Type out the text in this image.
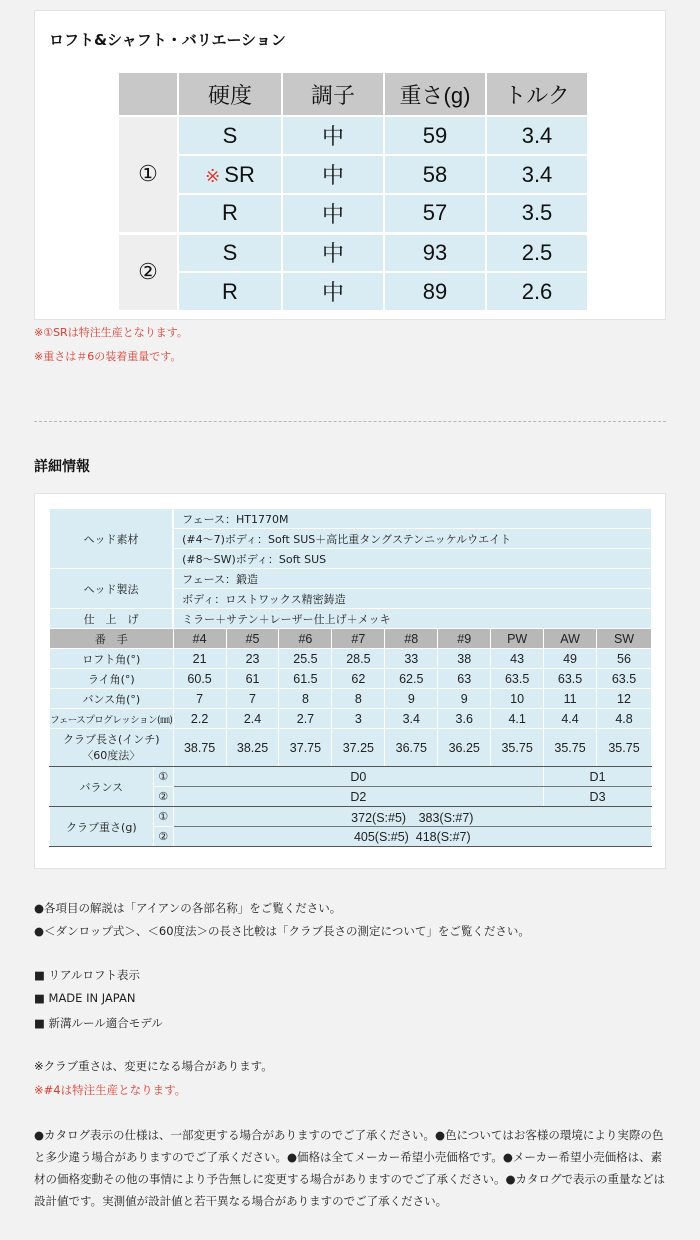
ロフト&シャフト・バリエーション
	硬度	調子	重さ(g)	トルク
①	S	中	59	3.4
	※ SR	中	58	3.4
	R	中	57	3.5
②	S	中	93	2.5
	R	中	89	2.6
※①SRは特注生産となります。
※重さは＃6の装着重量です。
詳細情報
ヘッド素材		フェース：HT1770M								
		(#4〜7)ボディ：Soft SUS＋高比重タングステンニッケルウエイト								
		(#8〜SW)ボディ：Soft SUS								
ヘッド製法		フェース：鍛造								
		ボディ：ロストワックス精密鋳造								
仕　上　げ		ミラー＋サテン＋レーザー仕上げ＋メッキ								
番　手		#4	#5	#6	#7	#8	#9	PW	AW	SW
ロフト角(°)		21	23	25.5	28.5	33	38	43	49	56
ライ角(°)		60.5	61	61.5	62	62.5	63	63.5	63.5	63.5
バンス角(°)		7	7	8	8	9	9	10	11	12
フェースプログレッション(㎜)		2.2	2.4	2.7	3	3.4	3.6	4.1	4.4	4.8

クラブ長さ(インチ)
〈60度法〉		38.75	38.25	37.75	37.25	36.75	36.25	35.75	35.75	35.75
バランス	①	D0							D1	
	②	D2							D3	
クラブ重さ(g)	①	372(S:#5)　383(S:#7)								
	②	405(S:#5)  418(S:#7)								
●各項目の解説は「アイアンの各部名称」をご覧ください。
●＜ダンロップ式＞、＜60度法＞の長さ比較は「クラブ長さの測定について」をご覧ください。
■ リアルロフト表示
■ MADE IN JAPAN
■ 新溝ルール適合モデル
※クラブ重さは、変更になる場合があります。
※#4は特注生産となります。
●カタログ表示の仕様は、一部変更する場合がありますのでご了承ください。●色についてはお客様の環境により実際の色と多少違う場合がありますのでご了承ください。●価格は全てメーカー希望小売価格です。●メーカー希望小売価格は、素材の価格変動その他の事情により予告無しに変更する場合がありますのでご了承ください。●カタログで表示の重量などは設計値です。実測値が設計値と若干異なる場合がありますのでご了承ください。
